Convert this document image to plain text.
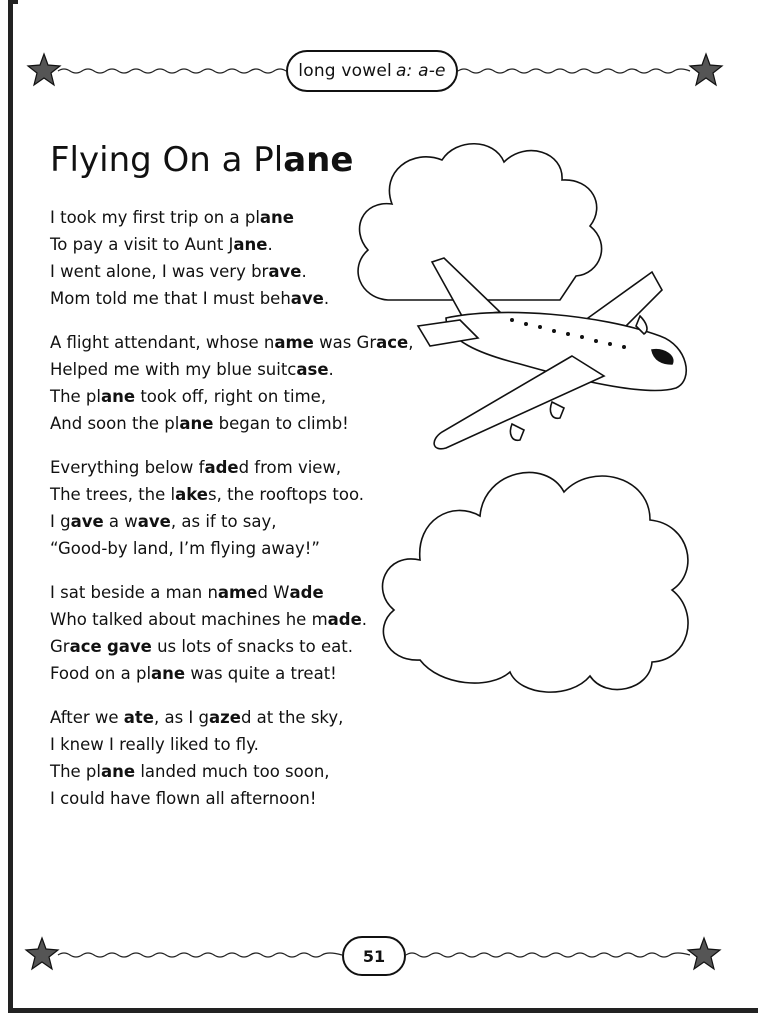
long vowel a: a-e
Flying On a Plane
I took my first trip on a plane
To pay a visit to Aunt Jane.
I went alone, I was very brave.
Mom told me that I must behave.
A flight attendant, whose name was Grace,
Helped me with my blue suitcase.
The plane took off, right on time,
And soon the plane began to climb!
Everything below faded from view,
The trees, the lakes, the rooftops too.
I gave a wave, as if to say,
“Good-by land, I’m flying away!”
I sat beside a man named Wade
Who talked about machines he made.
Grace gave us lots of snacks to eat.
Food on a plane was quite a treat!
After we ate, as I gazed at the sky,
I knew I really liked to fly.
The plane landed much too soon,
I could have flown all afternoon!
51
